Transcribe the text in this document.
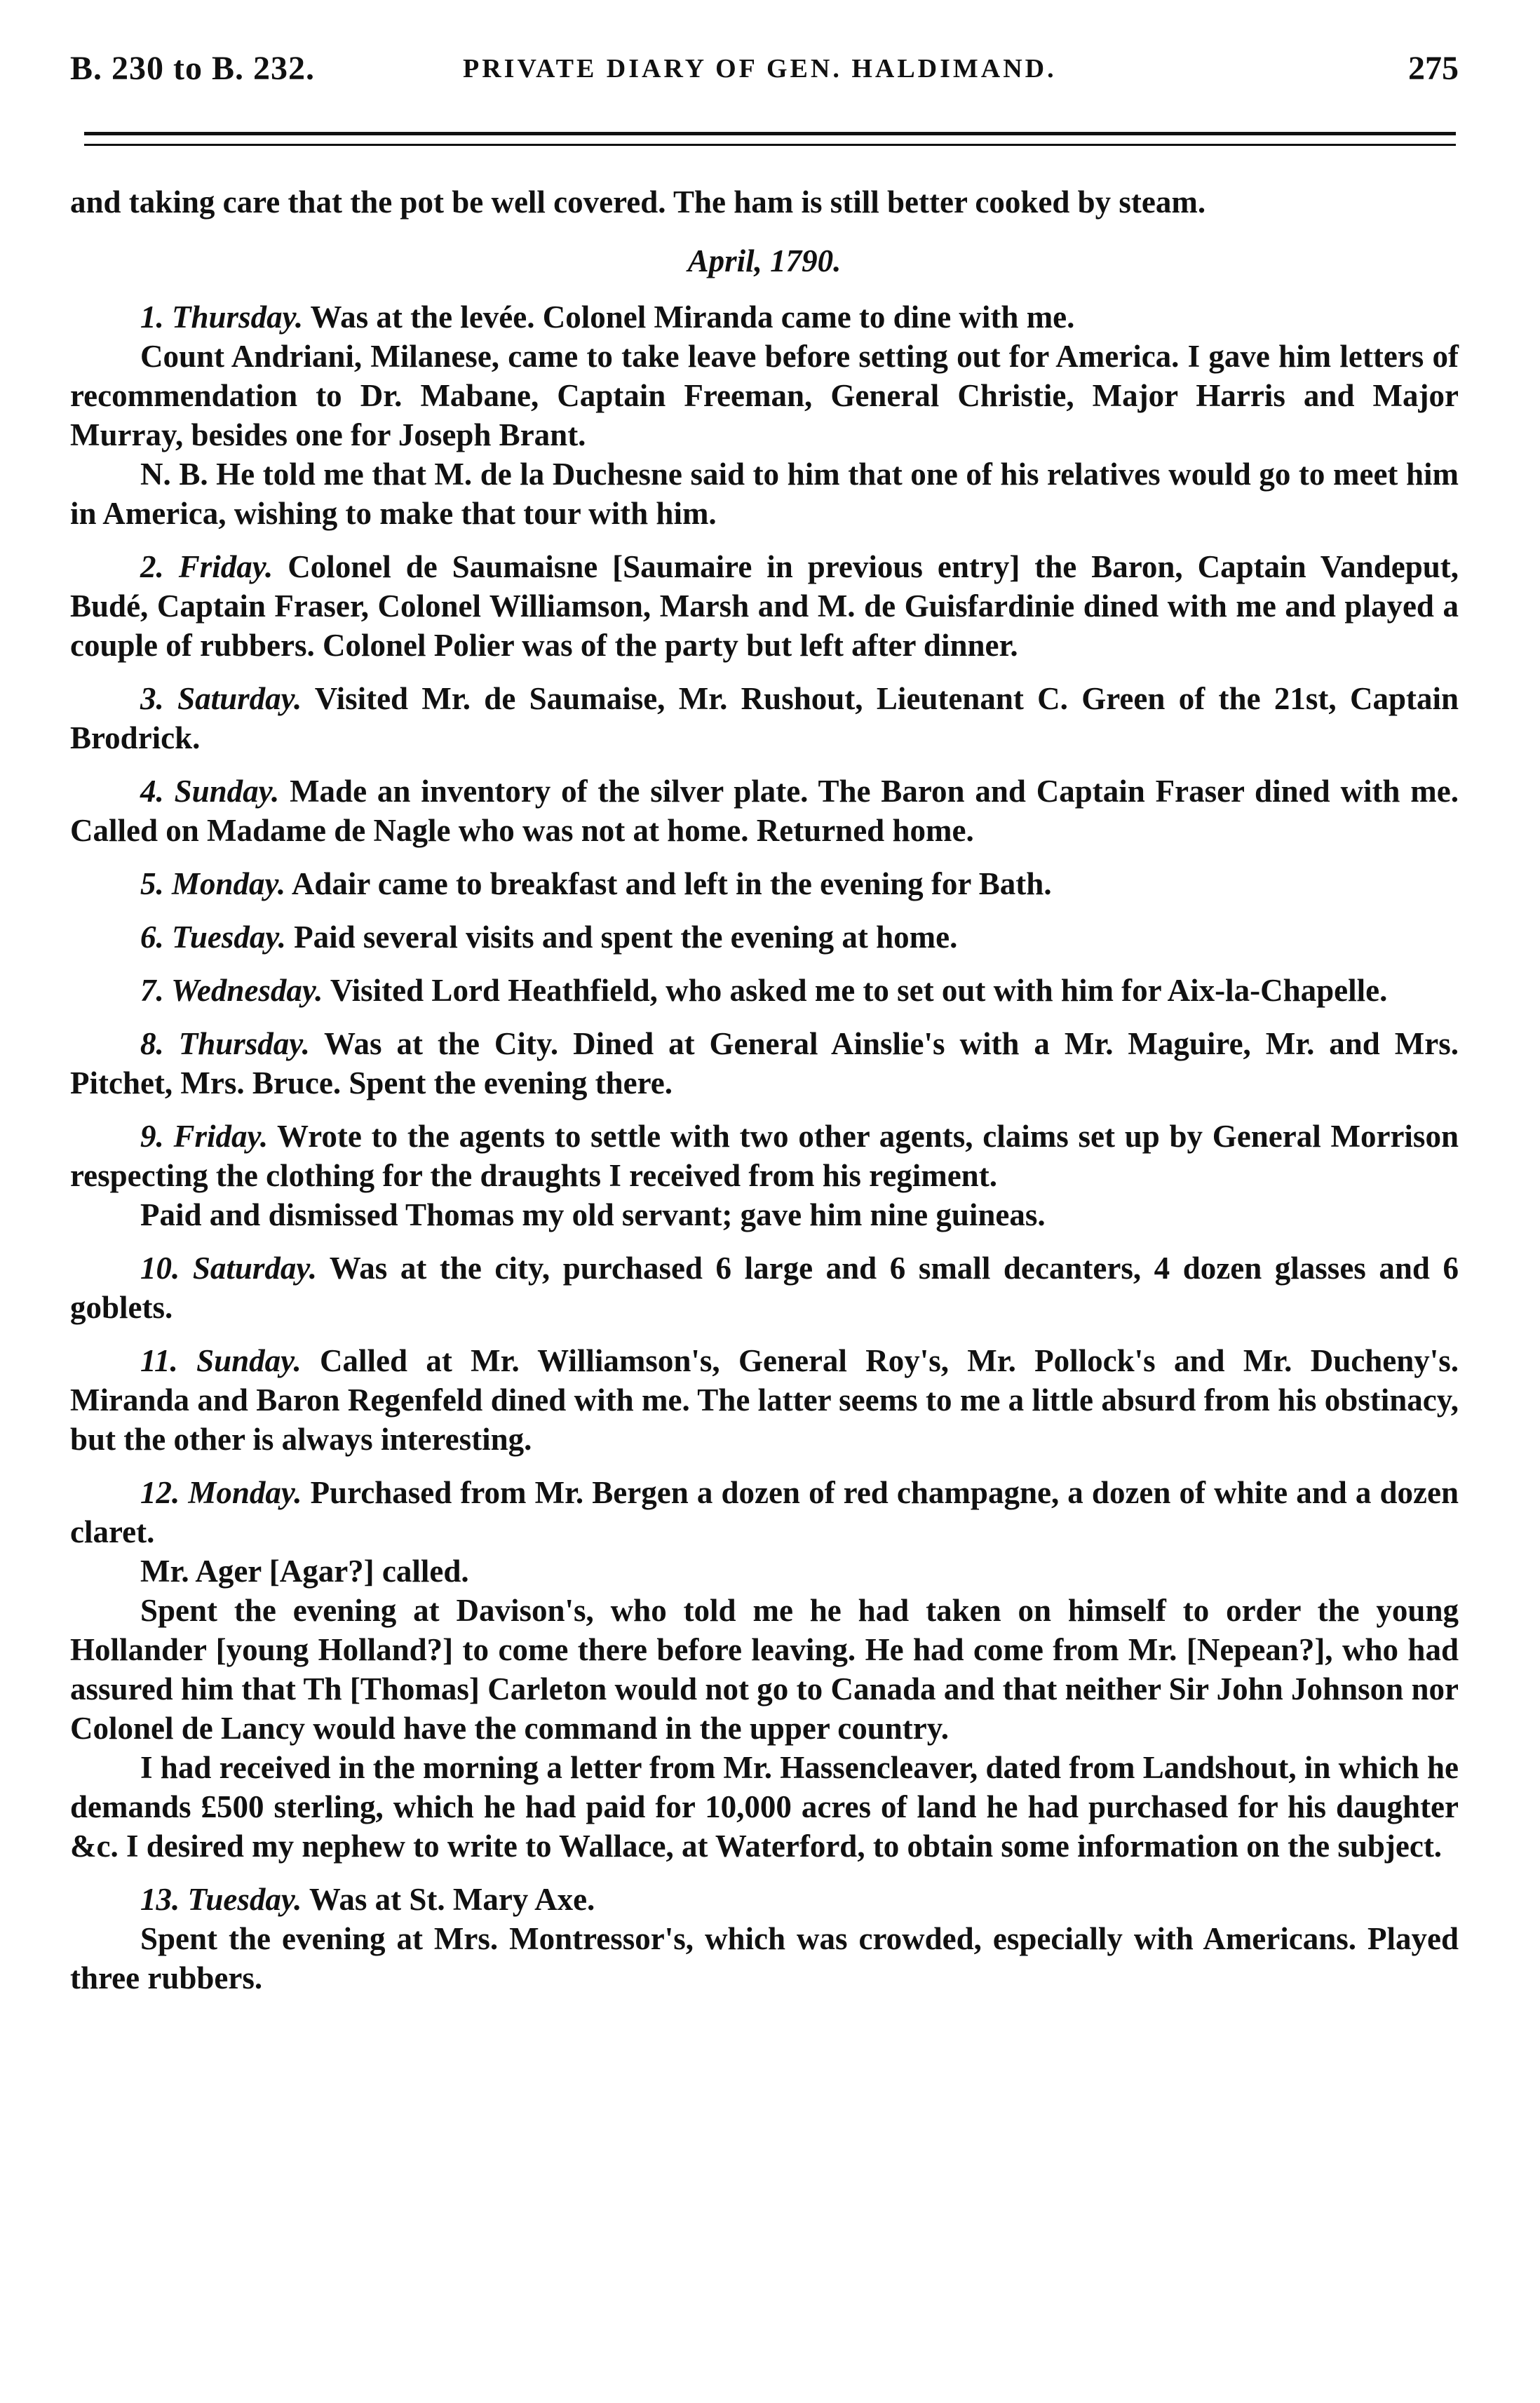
B. 230 to B. 232.	PRIVATE DIARY OF GEN. HALDIMAND.	275

and taking care that the pot be well covered. The ham is still better cooked by steam.

April, 1790.

1. Thursday. Was at the levée. Colonel Miranda came to dine with me.

Count Andriani, Milanese, came to take leave before setting out for America. I gave him letters of recommendation to Dr. Mabane, Captain Freeman, General Christie, Major Harris and Major Murray, besides one for Joseph Brant.

N. B. He told me that M. de la Duchesne said to him that one of his relatives would go to meet him in America, wishing to make that tour with him.

2. Friday. Colonel de Saumaisne [Saumaire in previous entry] the Baron, Captain Vandeput, Budé, Captain Fraser, Colonel Williamson, Marsh and M. de Guisfardinie dined with me and played a couple of rubbers. Colonel Polier was of the party but left after dinner.

3. Saturday. Visited Mr. de Saumaise, Mr. Rushout, Lieutenant C. Green of the 21st, Captain Brodrick.

4. Sunday. Made an inventory of the silver plate. The Baron and Captain Fraser dined with me. Called on Madame de Nagle who was not at home. Returned home.

5. Monday. Adair came to breakfast and left in the evening for Bath.

6. Tuesday. Paid several visits and spent the evening at home.

7. Wednesday. Visited Lord Heathfield, who asked me to set out with him for Aix-la-Chapelle.

8. Thursday. Was at the City. Dined at General Ainslie's with a Mr. Maguire, Mr. and Mrs. Pitchet, Mrs. Bruce. Spent the evening there.

9. Friday. Wrote to the agents to settle with two other agents, claims set up by General Morrison respecting the clothing for the draughts I received from his regiment.

Paid and dismissed Thomas my old servant; gave him nine guineas.

10. Saturday. Was at the city, purchased 6 large and 6 small decanters, 4 dozen glasses and 6 goblets.

11. Sunday. Called at Mr. Williamson's, General Roy's, Mr. Pollock's and Mr. Ducheny's. Miranda and Baron Regenfeld dined with me. The latter seems to me a little absurd from his obstinacy, but the other is always interesting.

12. Monday. Purchased from Mr. Bergen a dozen of red champagne, a dozen of white and a dozen claret.

Mr. Ager [Agar?] called.

Spent the evening at Davison's, who told me he had taken on himself to order the young Hollander [young Holland?] to come there before leaving. He had come from Mr. [Nepean?], who had assured him that Th [Thomas] Carleton would not go to Canada and that neither Sir John Johnson nor Colonel de Lancy would have the command in the upper country.

I had received in the morning a letter from Mr. Hassencleaver, dated from Landshout, in which he demands £500 sterling, which he had paid for 10,000 acres of land he had purchased for his daughter &c. I desired my nephew to write to Wallace, at Waterford, to obtain some information on the subject.

13. Tuesday. Was at St. Mary Axe.

Spent the evening at Mrs. Montressor's, which was crowded, especially with Americans. Played three rubbers.
